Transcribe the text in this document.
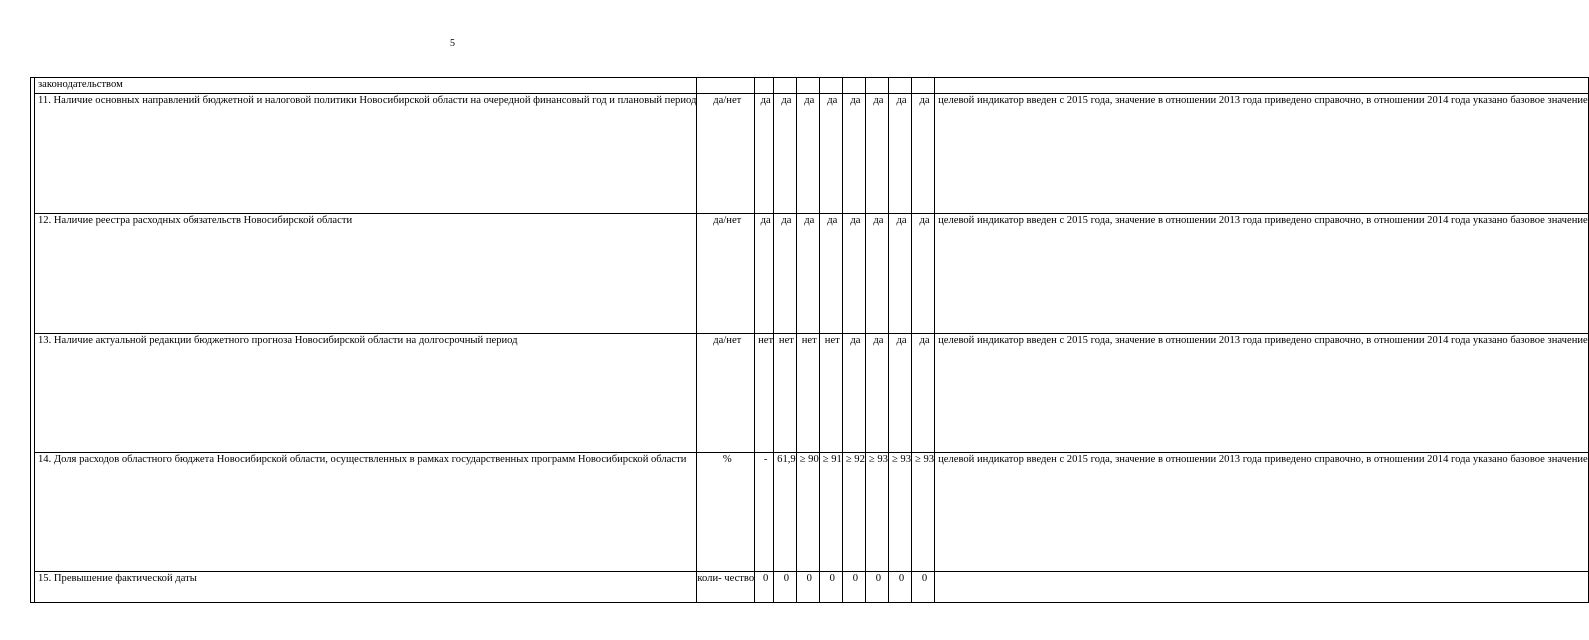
5
	законодательством										
	11. Наличие основных направлений бюджетной и налоговой политики Новосибирской области на очередной финансовый год и плановый период	да/нет	да	да	да	да	да	да	да	да	целевой индикатор введен с 2015 года, значение в отношении 2013 года приведено справочно, в отношении 2014 года указано базовое значение
	12. Наличие реестра расходных обязательств Новосибирской области	да/нет	да	да	да	да	да	да	да	да	целевой индикатор введен с 2015 года, значение в отношении 2013 года приведено справочно, в отношении 2014 года указано базовое значение
	13. Наличие актуальной редакции бюджетного прогноза Новосибирской области на долгосрочный период	да/нет	нет	нет	нет	нет	да	да	да	да	целевой индикатор введен с 2015 года, значение в отношении 2013 года приведено справочно, в отношении 2014 года указано базовое значение
	14. Доля расходов областного бюджета Новосибирской области, осуществленных в рамках государственных программ Новосибирской области	%	-	61,9	≥ 90	≥ 91	≥ 92	≥ 93	≥ 93	≥ 93	целевой индикатор введен с 2015 года, значение в отношении 2013 года приведено справочно, в отношении 2014 года указано базовое значение
	15. Превышение фактической даты	коли- чество	0	0	0	0	0	0	0	0	
